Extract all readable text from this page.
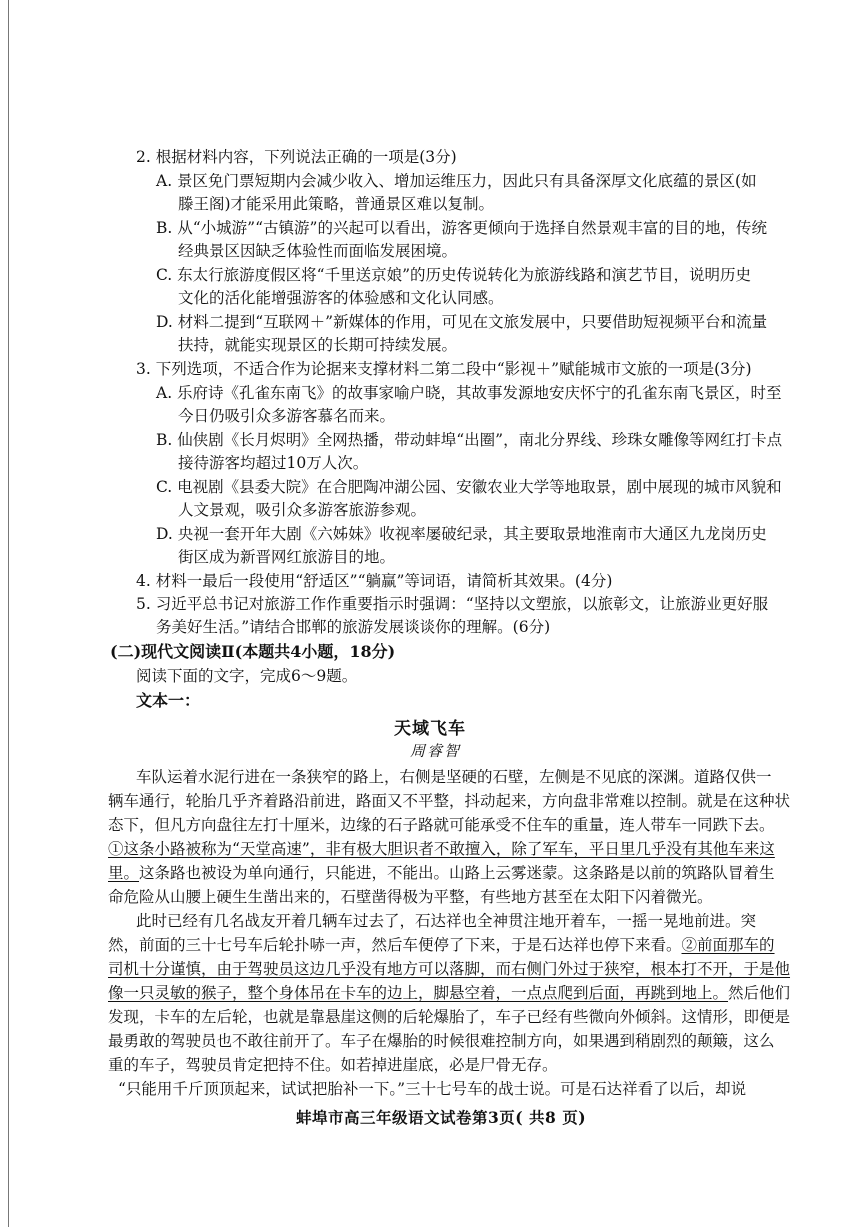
2. 根据材料内容，下列说法正确的一项是(3分)
A. 景区免门票短期内会减少收入、增加运维压力，因此只有具备深厚文化底蕴的景区(如
滕王阁)才能采用此策略，普通景区难以复制。
B. 从“小城游”“古镇游”的兴起可以看出，游客更倾向于选择自然景观丰富的目的地，传统
经典景区因缺乏体验性而面临发展困境。
C. 东太行旅游度假区将“千里送京娘”的历史传说转化为旅游线路和演艺节目，说明历史
文化的活化能增强游客的体验感和文化认同感。
D. 材料二提到“互联网＋”新媒体的作用，可见在文旅发展中，只要借助短视频平台和流量
扶持，就能实现景区的长期可持续发展。
3. 下列选项，不适合作为论据来支撑材料二第二段中“影视＋”赋能城市文旅的一项是(3分)
A. 乐府诗《孔雀东南飞》的故事家喻户晓，其故事发源地安庆怀宁的孔雀东南飞景区，时至
今日仍吸引众多游客慕名而来。
B. 仙侠剧《长月烬明》全网热播，带动蚌埠“出圈”，南北分界线、珍珠女雕像等网红打卡点
接待游客均超过10万人次。
C. 电视剧《县委大院》在合肥陶冲湖公园、安徽农业大学等地取景，剧中展现的城市风貌和
人文景观，吸引众多游客旅游参观。
D. 央视一套开年大剧《六姊妹》收视率屡破纪录，其主要取景地淮南市大通区九龙岗历史
街区成为新晋网红旅游目的地。
4. 材料一最后一段使用“舒适区”“躺赢”等词语，请简析其效果。(4分)
5. 习近平总书记对旅游工作作重要指示时强调：“坚持以文塑旅，以旅彰文，让旅游业更好服
务美好生活。”请结合邯郸的旅游发展谈谈你的理解。(6分)
(二)现代文阅读Ⅱ(本题共4小题，18分)
阅读下面的文字，完成6～9题。
文本一：
天域飞车
周睿智
车队运着水泥行进在一条狭窄的路上，右侧是坚硬的石壁，左侧是不见底的深渊。道路仅供一
辆车通行，轮胎几乎齐着路沿前进，路面又不平整，抖动起来，方向盘非常难以控制。就是在这种状
态下，但凡方向盘往左打十厘米，边缘的石子路就可能承受不住车的重量，连人带车一同跌下去。
①这条小路被称为“天堂高速”，非有极大胆识者不敢擅入，除了军车，平日里几乎没有其他车来这
里。这条路也被设为单向通行，只能进，不能出。山路上云雾迷蒙。这条路是以前的筑路队冒着生
命危险从山腰上硬生生凿出来的，石壁凿得极为平整，有些地方甚至在太阳下闪着微光。
此时已经有几名战友开着几辆车过去了，石达祥也全神贯注地开着车，一摇一晃地前进。突
然，前面的三十七号车后轮扑哧一声，然后车便停了下来，于是石达祥也停下来看。②前面那车的
司机十分谨慎，由于驾驶员这边几乎没有地方可以落脚，而右侧门外过于狭窄，根本打不开，于是他
像一只灵敏的猴子，整个身体吊在卡车的边上，脚悬空着，一点点爬到后面，再跳到地上。然后他们
发现，卡车的左后轮，也就是靠悬崖这侧的后轮爆胎了，车子已经有些微向外倾斜。这情形，即便是
最勇敢的驾驶员也不敢往前开了。车子在爆胎的时候很难控制方向，如果遇到稍剧烈的颠簸，这么
重的车子，驾驶员肯定把持不住。如若掉进崖底，必是尸骨无存。
“只能用千斤顶顶起来，试试把胎补一下。”三十七号车的战士说。可是石达祥看了以后，却说
蚌埠市高三年级语文试卷第3页( 共8 页)
